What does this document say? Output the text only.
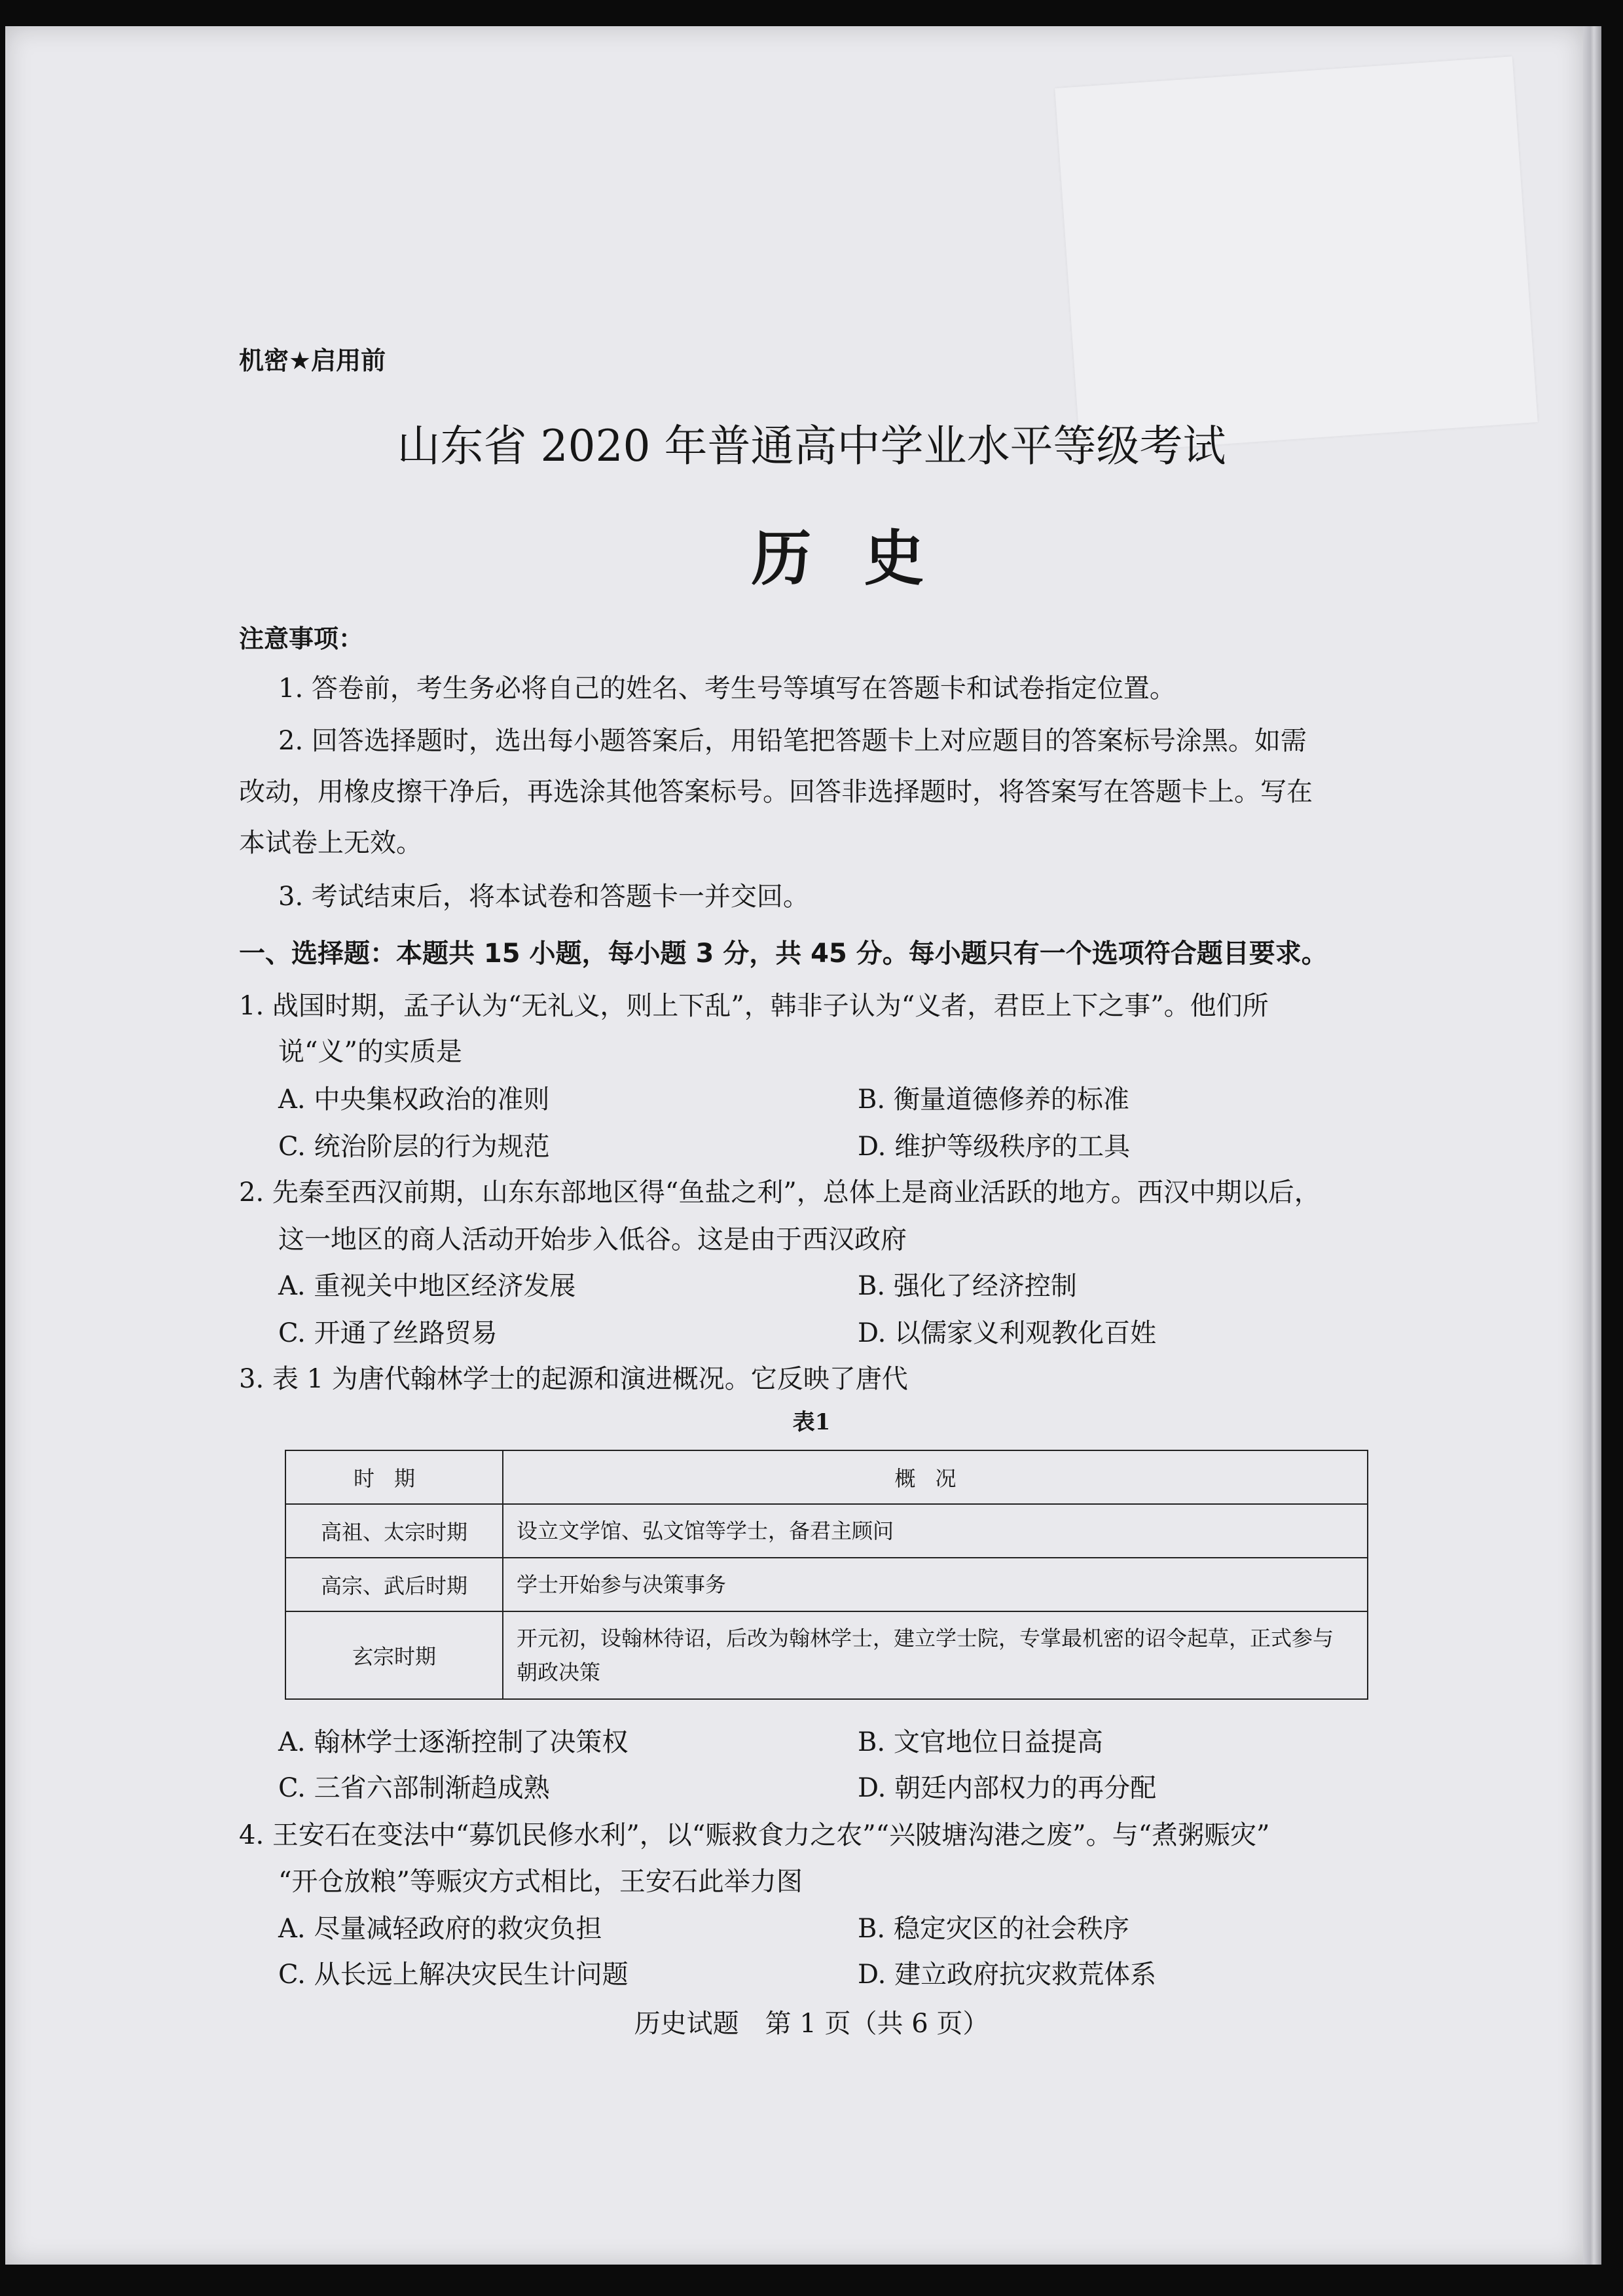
机密★启用前
山东省 2020 年普通高中学业水平等级考试
历史
注意事项：
1. 答卷前，考生务必将自己的姓名、考生号等填写在答题卡和试卷指定位置。
2. 回答选择题时，选出每小题答案后，用铅笔把答题卡上对应题目的答案标号涂黑。如需
改动，用橡皮擦干净后，再选涂其他答案标号。回答非选择题时，将答案写在答题卡上。写在
本试卷上无效。
3. 考试结束后，将本试卷和答题卡一并交回。
一、选择题：本题共 15 小题，每小题 3 分，共 45 分。每小题只有一个选项符合题目要求。
1. 战国时期，孟子认为“无礼义，则上下乱”，韩非子认为“义者，君臣上下之事”。他们所
说“义”的实质是
A. 中央集权政治的准则	B. 衡量道德修养的标准
C. 统治阶层的行为规范	D. 维护等级秩序的工具
2. 先秦至西汉前期，山东东部地区得“鱼盐之利”，总体上是商业活跃的地方。西汉中期以后，
这一地区的商人活动开始步入低谷。这是由于西汉政府
A. 重视关中地区经济发展	B. 强化了经济控制
C. 开通了丝路贸易	D. 以儒家义利观教化百姓
3. 表 1 为唐代翰林学士的起源和演进概况。它反映了唐代
表1
时期	概况
高祖、太宗时期	设立文学馆、弘文馆等学士，备君主顾问
高宗、武后时期	学士开始参与决策事务
玄宗时期	开元初，设翰林待诏，后改为翰林学士，建立学士院，专掌最机密的诏令起草，正式参与朝政决策
A. 翰林学士逐渐控制了决策权	B. 文官地位日益提高
C. 三省六部制渐趋成熟	D. 朝廷内部权力的再分配
4. 王安石在变法中“募饥民修水利”，以“赈救食力之农”“兴陂塘沟港之废”。与“煮粥赈灾”
“开仓放粮”等赈灾方式相比，王安石此举力图
A. 尽量减轻政府的救灾负担	B. 稳定灾区的社会秩序
C. 从长远上解决灾民生计问题	D. 建立政府抗灾救荒体系
历史试题　第 1 页（共 6 页）
